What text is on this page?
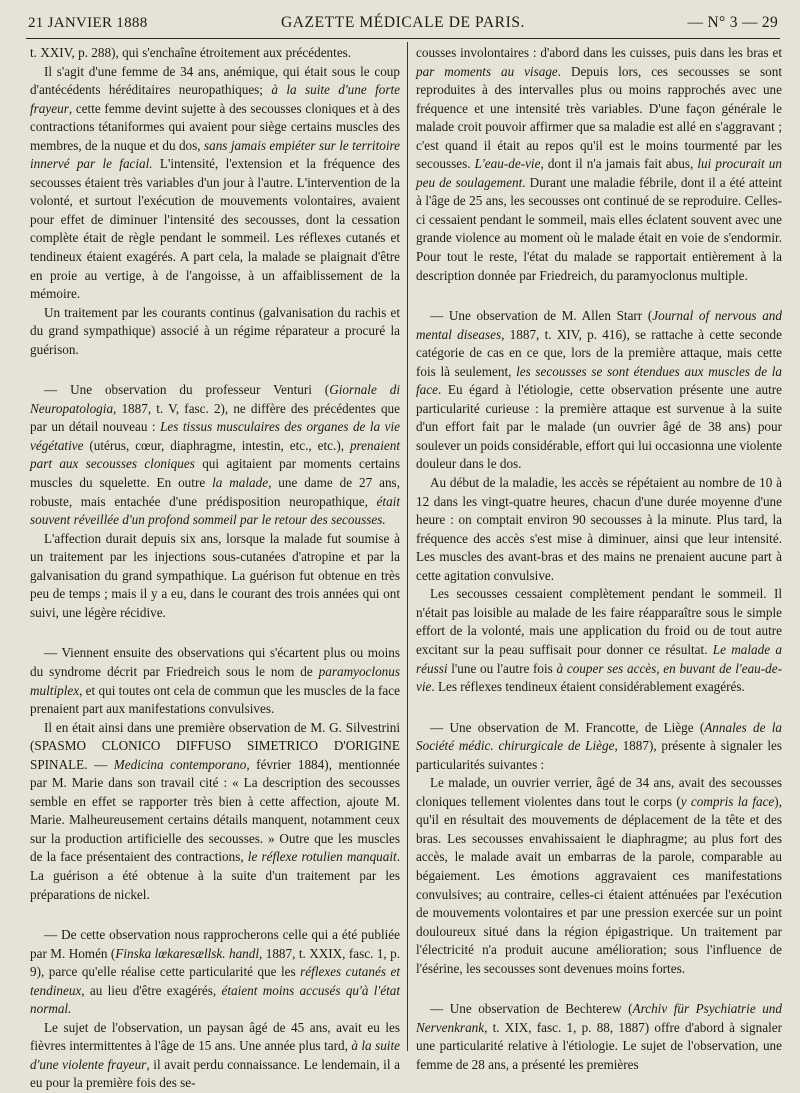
21 JANVIER 1888	GAZETTE MÉDICALE DE PARIS.	— N° 3 — 29

t. XXIV, p. 288), qui s'enchaîne étroitement aux précédentes.

Il s'agit d'une femme de 34 ans, anémique, qui était sous le coup d'antécédents héréditaires neuropathiques; à la suite d'une forte frayeur, cette femme devint sujette à des secousses cloniques et à des contractions tétaniformes qui avaient pour siège certains muscles des membres, de la nuque et du dos, sans jamais empiéter sur le territoire innervé par le facial. L'intensité, l'extension et la fréquence des secousses étaient très variables d'un jour à l'autre. L'intervention de la volonté, et surtout l'exécution de mouvements volontaires, avaient pour effet de diminuer l'intensité des secousses, dont la cessation complète était de règle pendant le sommeil. Les réflexes cutanés et tendineux étaient exagérés. A part cela, la malade se plaignait d'être en proie au vertige, à de l'angoisse, à un affaiblissement de la mémoire.

Un traitement par les courants continus (galvanisation du rachis et du grand sympathique) associé à un régime réparateur a procuré la guérison.

— Une observation du professeur Venturi (Giornale di Neuropatologia, 1887, t. V, fasc. 2), ne diffère des précédentes que par un détail nouveau : Les tissus musculaires des organes de la vie végétative (utérus, cœur, diaphragme, intestin, etc., etc.), prenaient part aux secousses cloniques qui agitaient par moments certains muscles du squelette. En outre la malade, une dame de 27 ans, robuste, mais entachée d'une prédisposition neuropathique, était souvent réveillée d'un profond sommeil par le retour des secousses.

L'affection durait depuis six ans, lorsque la malade fut soumise à un traitement par les injections sous-cutanées d'atropine et par la galvanisation du grand sympathique. La guérison fut obtenue en très peu de temps ; mais il y a eu, dans le courant des trois années qui ont suivi, une légère récidive.

— Viennent ensuite des observations qui s'écartent plus ou moins du syndrome décrit par Friedreich sous le nom de paramyoclonus multiplex, et qui toutes ont cela de commun que les muscles de la face prenaient part aux manifestations convulsives.

Il en était ainsi dans une première observation de M. G. Silvestrini (SPASMO CLONICO DIFFUSO SIMETRICO D'ORIGINE SPINALE. — Medicina contemporano, février 1884), mentionnée par M. Marie dans son travail cité : « La description des secousses semble en effet se rapporter très bien à cette affection, ajoute M. Marie. Malheureusement certains détails manquent, notamment ceux sur la production artificielle des secousses. » Outre que les muscles de la face présentaient des contractions, le réflexe rotulien manquait. La guérison a été obtenue à la suite d'un traitement par les préparations de nickel.

— De cette observation nous rapprocherons celle qui a été publiée par M. Homén (Finska lœkaresællsk. handl, 1887, t. XXIX, fasc. 1, p. 9), parce qu'elle réalise cette particularité que les réflexes cutanés et tendineux, au lieu d'être exagérés, étaient moins accusés qu'à l'état normal.

Le sujet de l'observation, un paysan âgé de 45 ans, avait eu les fièvres intermittentes à l'âge de 15 ans. Une année plus tard, à la suite d'une violente frayeur, il avait perdu connaissance. Le lendemain, il a eu pour la première fois des se-

cousses involontaires : d'abord dans les cuisses, puis dans les bras et par moments au visage. Depuis lors, ces secousses se sont reproduites à des intervalles plus ou moins rapprochés avec une fréquence et une intensité très variables. D'une façon générale le malade croit pouvoir affirmer que sa maladie est allé en s'aggravant ; c'est quand il était au repos qu'il est le moins tourmenté par les secousses. L'eau-de-vie, dont il n'a jamais fait abus, lui procurait un peu de soulagement. Durant une maladie fébrile, dont il a été atteint à l'âge de 25 ans, les secousses ont continué de se reproduire. Celles-ci cessaient pendant le sommeil, mais elles éclatent souvent avec une grande violence au moment où le malade était en voie de s'endormir. Pour tout le reste, l'état du malade se rapportait entièrement à la description donnée par Friedreich, du paramyoclonus multiple.

— Une observation de M. Allen Starr (Journal of nervous and mental diseases, 1887, t. XIV, p. 416), se rattache à cette seconde catégorie de cas en ce que, lors de la première attaque, mais cette fois là seulement, les secousses se sont étendues aux muscles de la face. Eu égard à l'étiologie, cette observation présente une autre particularité curieuse : la première attaque est survenue à la suite d'un effort fait par le malade (un ouvrier âgé de 38 ans) pour soulever un poids considérable, effort qui lui occasionna une violente douleur dans le dos.

Au début de la maladie, les accès se répétaient au nombre de 10 à 12 dans les vingt-quatre heures, chacun d'une durée moyenne d'une heure : on comptait environ 90 secousses à la minute. Plus tard, la fréquence des accès s'est mise à diminuer, ainsi que leur intensité. Les muscles des avant-bras et des mains ne prenaient aucune part à cette agitation convulsive.

Les secousses cessaient complètement pendant le sommeil. Il n'était pas loisible au malade de les faire réapparaître sous le simple effort de la volonté, mais une application du froid ou de tout autre excitant sur la peau suffisait pour donner ce résultat. Le malade a réussi l'une ou l'autre fois à couper ses accès, en buvant de l'eau-de-vie. Les réflexes tendineux étaient considérablement exagérés.

— Une observation de M. Francotte, de Liège (Annales de la Société médic. chirurgicale de Liège, 1887), présente à signaler les particularités suivantes :

Le malade, un ouvrier verrier, âgé de 34 ans, avait des secousses cloniques tellement violentes dans tout le corps (y compris la face), qu'il en résultait des mouvements de déplacement de la tête et des bras. Les secousses envahissaient le diaphragme; au plus fort des accès, le malade avait un embarras de la parole, comparable au bégaiement. Les émotions aggravaient ces manifestations convulsives; au contraire, celles-ci étaient atténuées par l'exécution de mouvements volontaires et par une pression exercée sur un point douloureux situé dans la région épigastrique. Un traitement par l'électricité n'a produit aucune amélioration; sous l'influence de l'ésérine, les secousses sont devenues moins fortes.

— Une observation de Bechterew (Archiv für Psychiatrie und Nervenkrank, t. XIX, fasc. 1, p. 88, 1887) offre d'abord à signaler une particularité relative à l'étiologie. Le sujet de l'observation, une femme de 28 ans, a présenté les premières
